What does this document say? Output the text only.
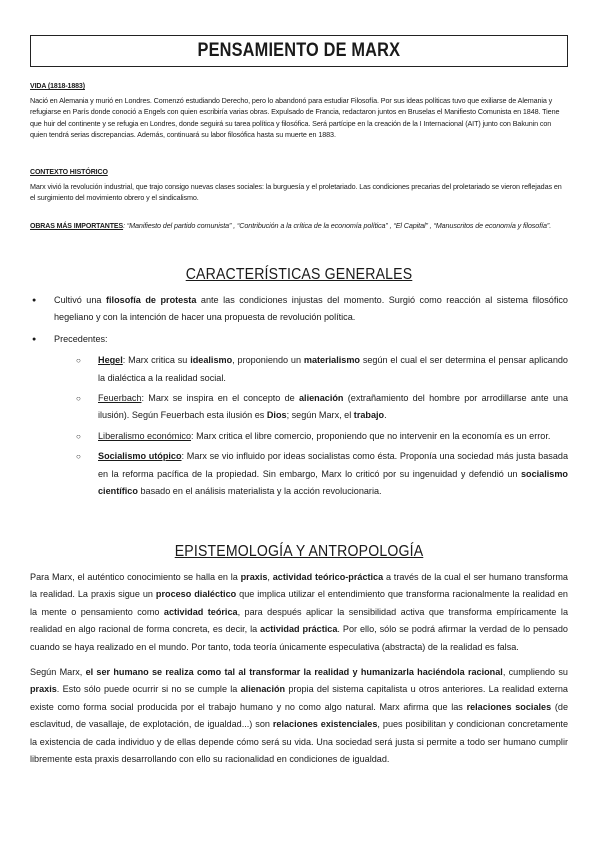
PENSAMIENTO DE MARX
VIDA (1818-1883)

Nació en Alemania y murió en Londres. Comenzó estudiando Derecho, pero lo abandonó para estudiar Filosofía. Por sus ideas políticas tuvo que exiliarse de Alemania y refugiarse en París donde conoció a Engels con quien escribiría varias obras. Expulsado de Francia, redactaron juntos en Bruselas el Manifiesto Comunista en 1848. Tiene que huir del continente y se refugia en Londres, donde seguirá su tarea política y filosófica. Será partícipe en la creación de la I Internacional (AIT) junto con Bakunin con quien tendrá serias discrepancias. Además, continuará su labor filosófica hasta su muerte en 1883.

CONTEXTO HISTÓRICO

Marx vivió la revolución industrial, que trajo consigo nuevas clases sociales: la burguesía y el proletariado. Las condiciones precarias del proletariado se vieron reflejadas en el surgimiento del movimiento obrero y el sindicalismo.

OBRAS MÁS IMPORTANTES: “Manifiesto del partido comunista” , “Contribución a la crítica de la economía política” , “El Capital” , “Manuscritos de economía y filosofía”.

CARACTERÍSTICAS GENERALES
● Cultivó una filosofía de protesta ante las condiciones injustas del momento. Surgió como reacción al sistema filosófico hegeliano y con la intención de hacer una propuesta de revolución política.
● Precedentes:
○ Hegel: Marx critica su idealismo, proponiendo un materialismo según el cual el ser determina el pensar aplicando la dialéctica a la realidad social.
○ Feuerbach: Marx se inspira en el concepto de alienación (extrañamiento del hombre por arrodillarse ante una ilusión). Según Feuerbach esta ilusión es Dios; según Marx, el trabajo.
○ Liberalismo económico: Marx critica el libre comercio, proponiendo que no intervenir en la economía es un error.
○ Socialismo utópico: Marx se vio influido por ideas socialistas como ésta. Proponía una sociedad más justa basada en la reforma pacífica de la propiedad. Sin embargo, Marx lo criticó por su ingenuidad y defendió un socialismo científico basado en el análisis materialista y la acción revolucionaria.
EPISTEMOLOGÍA Y ANTROPOLOGÍA

Para Marx, el auténtico conocimiento se halla en la praxis, actividad teórico-práctica a través de la cual el ser humano transforma la realidad. La praxis sigue un proceso dialéctico que implica utilizar el entendimiento que transforma racionalmente la realidad en la mente o pensamiento como actividad teórica, para después aplicar la sensibilidad activa que transforma empíricamente la realidad en algo racional de forma concreta, es decir, la actividad práctica. Por ello, sólo se podrá afirmar la verdad de lo pensado cuando se haya realizado en el mundo. Por tanto, toda teoría únicamente especulativa (abstracta) de la realidad es falsa.

Según Marx, el ser humano se realiza como tal al transformar la realidad y humanizarla haciéndola racional, cumpliendo su praxis. Esto sólo puede ocurrir si no se cumple la alienación propia del sistema capitalista u otros anteriores. La realidad externa existe como forma social producida por el trabajo humano y no como algo natural. Marx afirma que las relaciones sociales (de esclavitud, de vasallaje, de explotación, de igualdad...) son relaciones existenciales, pues posibilitan y condicionan concretamente la existencia de cada individuo y de ellas depende cómo será su vida. Una sociedad será justa si permite a todo ser humano cumplir libremente esta praxis desarrollando con ello su racionalidad en condiciones de igualdad.
